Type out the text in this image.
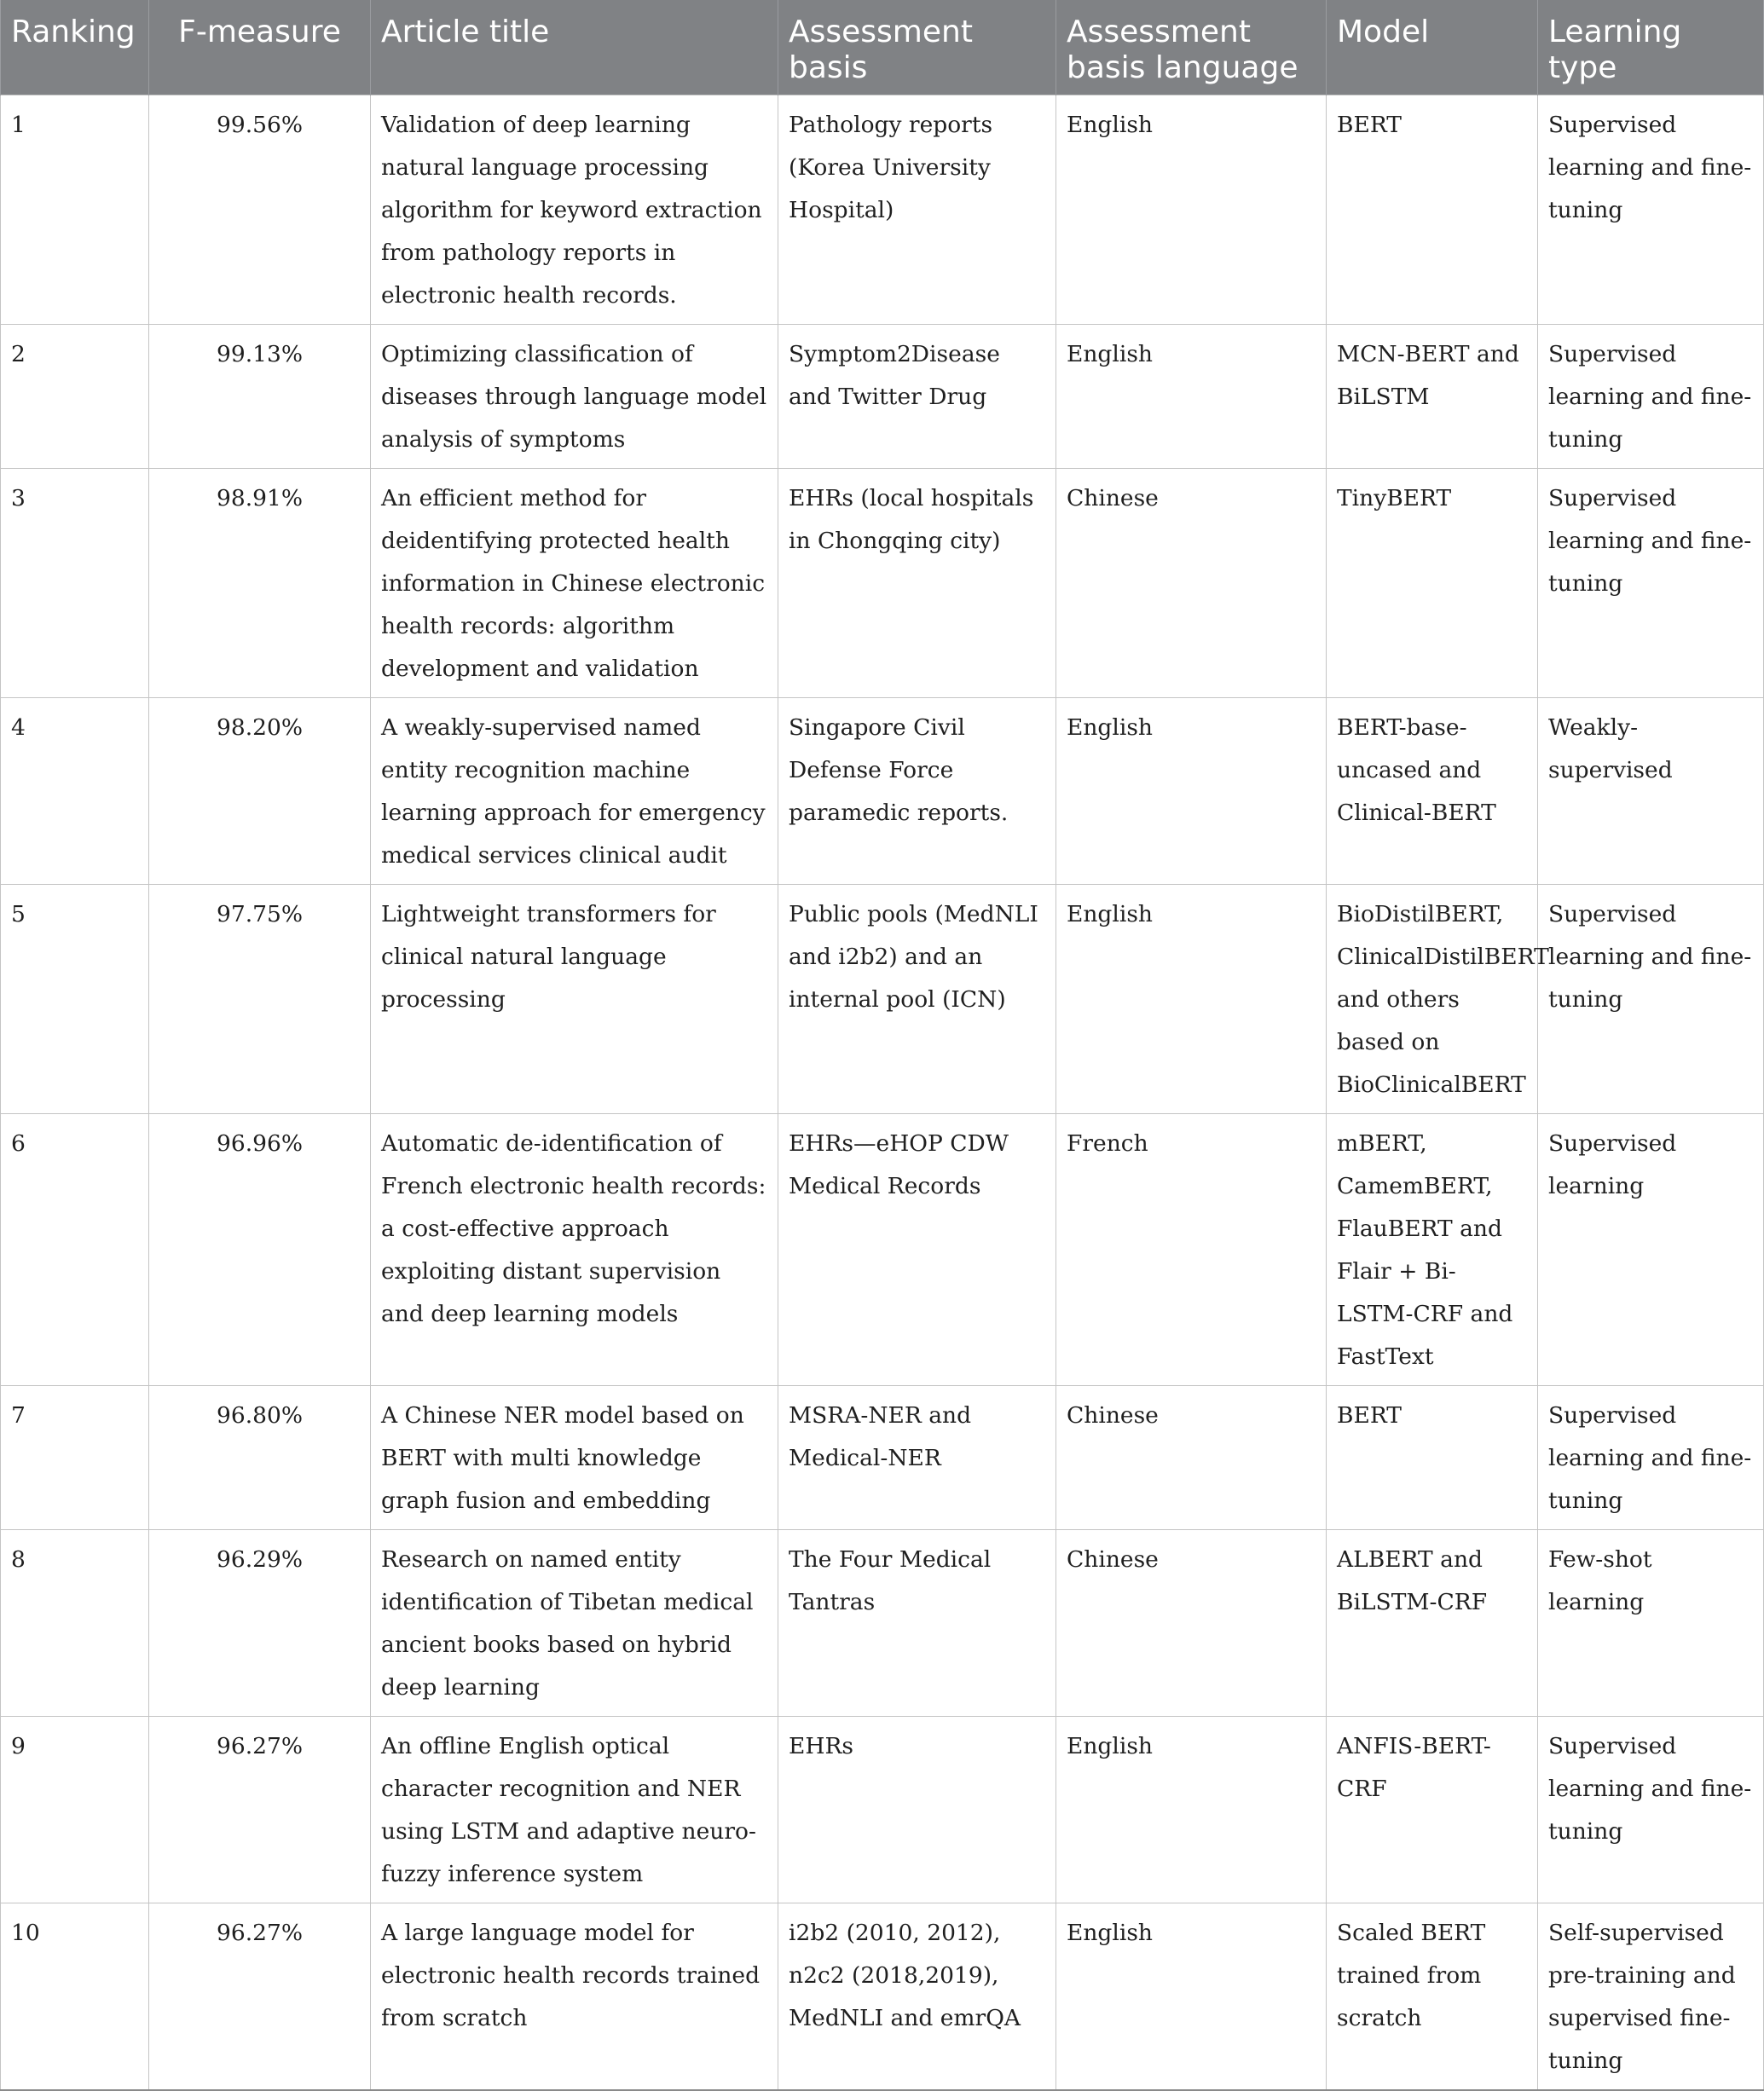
Ranking	F-measure	Article title	Assessment basis	Assessment basis language	Model	Learning type
1	99.56%	Validation of deep learning natural language processing algorithm for keyword extraction from pathology reports in electronic health records.	Pathology reports (Korea University Hospital)	English	BERT	Supervised learning and fine-tuning
2	99.13%	Optimizing classification of diseases through language model analysis of symptoms	Symptom2Disease and Twitter Drug	English	MCN-BERT and BiLSTM	Supervised learning and fine-tuning
3	98.91%	An efficient method for deidentifying protected health information in Chinese electronic health records: algorithm development and validation	EHRs (local hospitals in Chongqing city)	Chinese	TinyBERT	Supervised learning and fine-tuning
4	98.20%	A weakly-supervised named entity recognition machine learning approach for emergency medical services clinical audit	Singapore Civil Defense Force paramedic reports.	English	BERT-base-uncased and Clinical-BERT	Weakly-supervised
5	97.75%	Lightweight transformers for clinical natural language processing	Public pools (MedNLI and i2b2) and an internal pool (ICN)	English	BioDistilBERT, ClinicalDistilBERT and others based on BioClinicalBERT	Supervised learning and fine-tuning
6	96.96%	Automatic de-identification of French electronic health records: a cost-effective approach exploiting distant supervision and deep learning models	EHRs—eHOP CDW Medical Records	French	mBERT, CamemBERT, FlauBERT and Flair + Bi-LSTM-CRF and FastText	Supervised learning
7	96.80%	A Chinese NER model based on BERT with multi knowledge graph fusion and embedding	MSRA-NER and Medical-NER	Chinese	BERT	Supervised learning and fine-tuning
8	96.29%	Research on named entity identification of Tibetan medical ancient books based on hybrid deep learning	The Four Medical Tantras	Chinese	ALBERT and BiLSTM-CRF	Few-shot learning
9	96.27%	An offline English optical character recognition and NER using LSTM and adaptive neuro-fuzzy inference system	EHRs	English	ANFIS-BERT-CRF	Supervised learning and fine-tuning
10	96.27%	A large language model for electronic health records trained from scratch	i2b2 (2010, 2012), n2c2 (2018,2019), MedNLI and emrQA	English	Scaled BERT trained from scratch	Self-supervised pre-training and supervised fine-tuning
